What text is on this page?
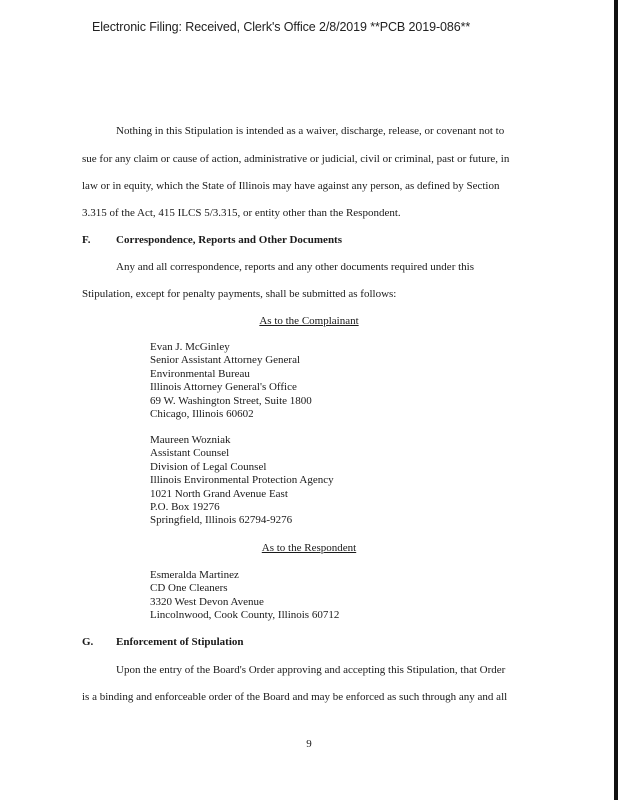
Electronic Filing: Received, Clerk's Office 2/8/2019 **PCB 2019-086**
Nothing in this Stipulation is intended as a waiver, discharge, release, or covenant not to
sue for any claim or cause of action, administrative or judicial, civil or criminal, past or future, in
law or in equity, which the State of Illinois may have against any person, as defined by Section
3.315 of the Act, 415 ILCS 5/3.315, or entity other than the Respondent.
F. Correspondence, Reports and Other Documents
Any and all correspondence, reports and any other documents required under this
Stipulation, except for penalty payments, shall be submitted as follows:
As to the Complainant
Evan J. McGinley
Senior Assistant Attorney General
Environmental Bureau
Illinois Attorney General's Office
69 W. Washington Street, Suite 1800
Chicago, Illinois 60602
Maureen Wozniak
Assistant Counsel
Division of Legal Counsel
Illinois Environmental Protection Agency
1021 North Grand Avenue East
P.O. Box 19276
Springfield, Illinois 62794-9276
As to the Respondent
Esmeralda Martinez
CD One Cleaners
3320 West Devon Avenue
Lincolnwood, Cook County, Illinois 60712
G. Enforcement of Stipulation
Upon the entry of the Board's Order approving and accepting this Stipulation, that Order
is a binding and enforceable order of the Board and may be enforced as such through any and all
9
